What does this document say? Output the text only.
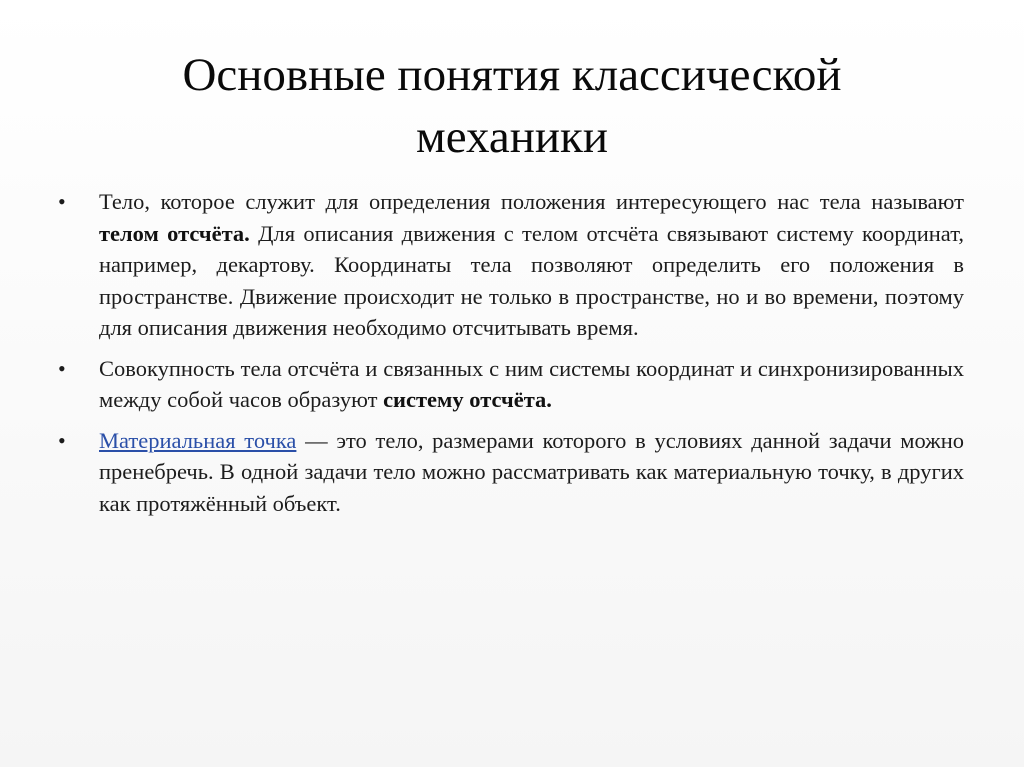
Основные понятия классической
механики
•	Тело, которое служит для определения положения интересующего нас тела называют телом отсчёта. Для описания движения с телом отсчёта связывают систему координат, например, декартову. Координаты тела позволяют определить его положения в пространстве. Движение происходит не только в пространстве, но и во времени, поэтому для описания движения необходимо отсчитывать время.
•	Совокупность тела отсчёта и связанных с ним системы координат и синхронизированных между собой часов образуют систему отсчёта.
•	Материальная точка — это тело, размерами которого в условиях данной задачи можно пренебречь. В одной задачи тело можно рассматривать как материальную точку, в других как протяжённый объект.
